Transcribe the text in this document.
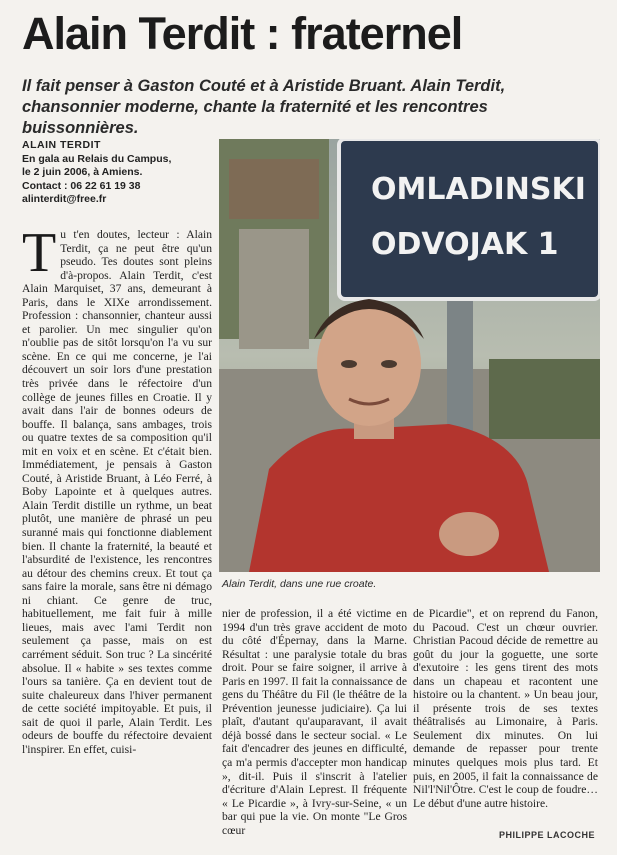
Alain Terdit : fraternel

Il fait penser à Gaston Couté et à Aristide Bruant. Alain Terdit, chansonnier moderne, chante la fraternité et les rencontres buissonnières.

ALAIN TERDIT
En gala au Relais du Campus,
le 2 juin 2006, à Amiens.
Contact : 06 22 61 19 38
alinterdit@free.fr
T u t'en doutes, lecteur : Alain Terdit, ça ne peut être qu'un pseudo. Tes doutes sont pleins d'à-propos. Alain Terdit, c'est Alain Marquiset, 37 ans, demeurant à Paris, dans le XIXe arrondissement. Profession : chansonnier, chanteur aussi et parolier. Un mec singulier qu'on n'oublie pas de sitôt lorsqu'on l'a vu sur scène. En ce qui me concerne, je l'ai découvert un soir lors d'une prestation très privée dans le réfectoire d'un collège de jeunes filles en Croatie. Il y avait dans l'air de bonnes odeurs de bouffe. Il balança, sans ambages, trois ou quatre textes de sa composition qu'il mit en voix et en scène. Et c'était bien. Immédiatement, je pensais à Gaston Couté, à Aristide Bruant, à Léo Ferré, à Boby Lapointe et à quelques autres. Alain Terdit distille un rythme, un beat plutôt, une manière de phrasé un peu suranné mais qui fonctionne diablement bien. Il chante la fraternité, la beauté et l'absurdité de l'existence, les rencontres au détour des chemins creux. Et tout ça sans faire la morale, sans être ni démago ni chiant. Ce genre de truc, habituellement, me fait fuir à mille lieues, mais avec l'ami Terdit non seulement ça passe, mais on est carrément séduit. Son truc ? La sincérité absolue. Il « habite » ses textes comme l'ours sa tanière. Ça en devient tout de suite chaleureux dans l'hiver permanent de cette société impitoyable. Et puis, il sait de quoi il parle, Alain Terdit. Les odeurs de bouffe du réfectoire devaient l'inspirer. En effet, cuisi-

OMLADINSKI
ODVOJAK 1
Alain Terdit, dans une rue croate.

nier de profession, il a été victime en 1994 d'un très grave accident de moto du côté d'Épernay, dans la Marne. Résultat : une paralysie totale du bras droit. Pour se faire soigner, il arrive à Paris en 1997. Il fait la connaissance de gens du Théâtre du Fil (le théâtre de la Prévention jeunesse judiciaire). Ça lui plaît, d'autant qu'auparavant, il avait déjà bossé dans le secteur social. « Le fait d'encadrer des jeunes en difficulté, ça m'a permis d'accepter mon handicap », dit-il. Puis il s'inscrit à l'atelier d'écriture d'Alain Leprest. Il fréquente « Le Picardie », à Ivry-sur-Seine, « un bar qui pue la vie. On monte "Le Gros cœur

de Picardie", et on reprend du Fanon, du Pacoud. C'est un chœur ouvrier. Christian Pacoud décide de remettre au goût du jour la goguette, une sorte d'exutoire : les gens tirent des mots dans un chapeau et racontent une histoire ou la chantent. » Un beau jour, il présente trois de ses textes théâtralisés au Limonaire, à Paris. Seulement dix minutes. On lui demande de repasser pour trente minutes quelques mois plus tard. Et puis, en 2005, il fait la connaissance de Nil'l'Nil'Ôtre. C'est le coup de foudre… Le début d'une autre histoire.

PHILIPPE LACOCHE
